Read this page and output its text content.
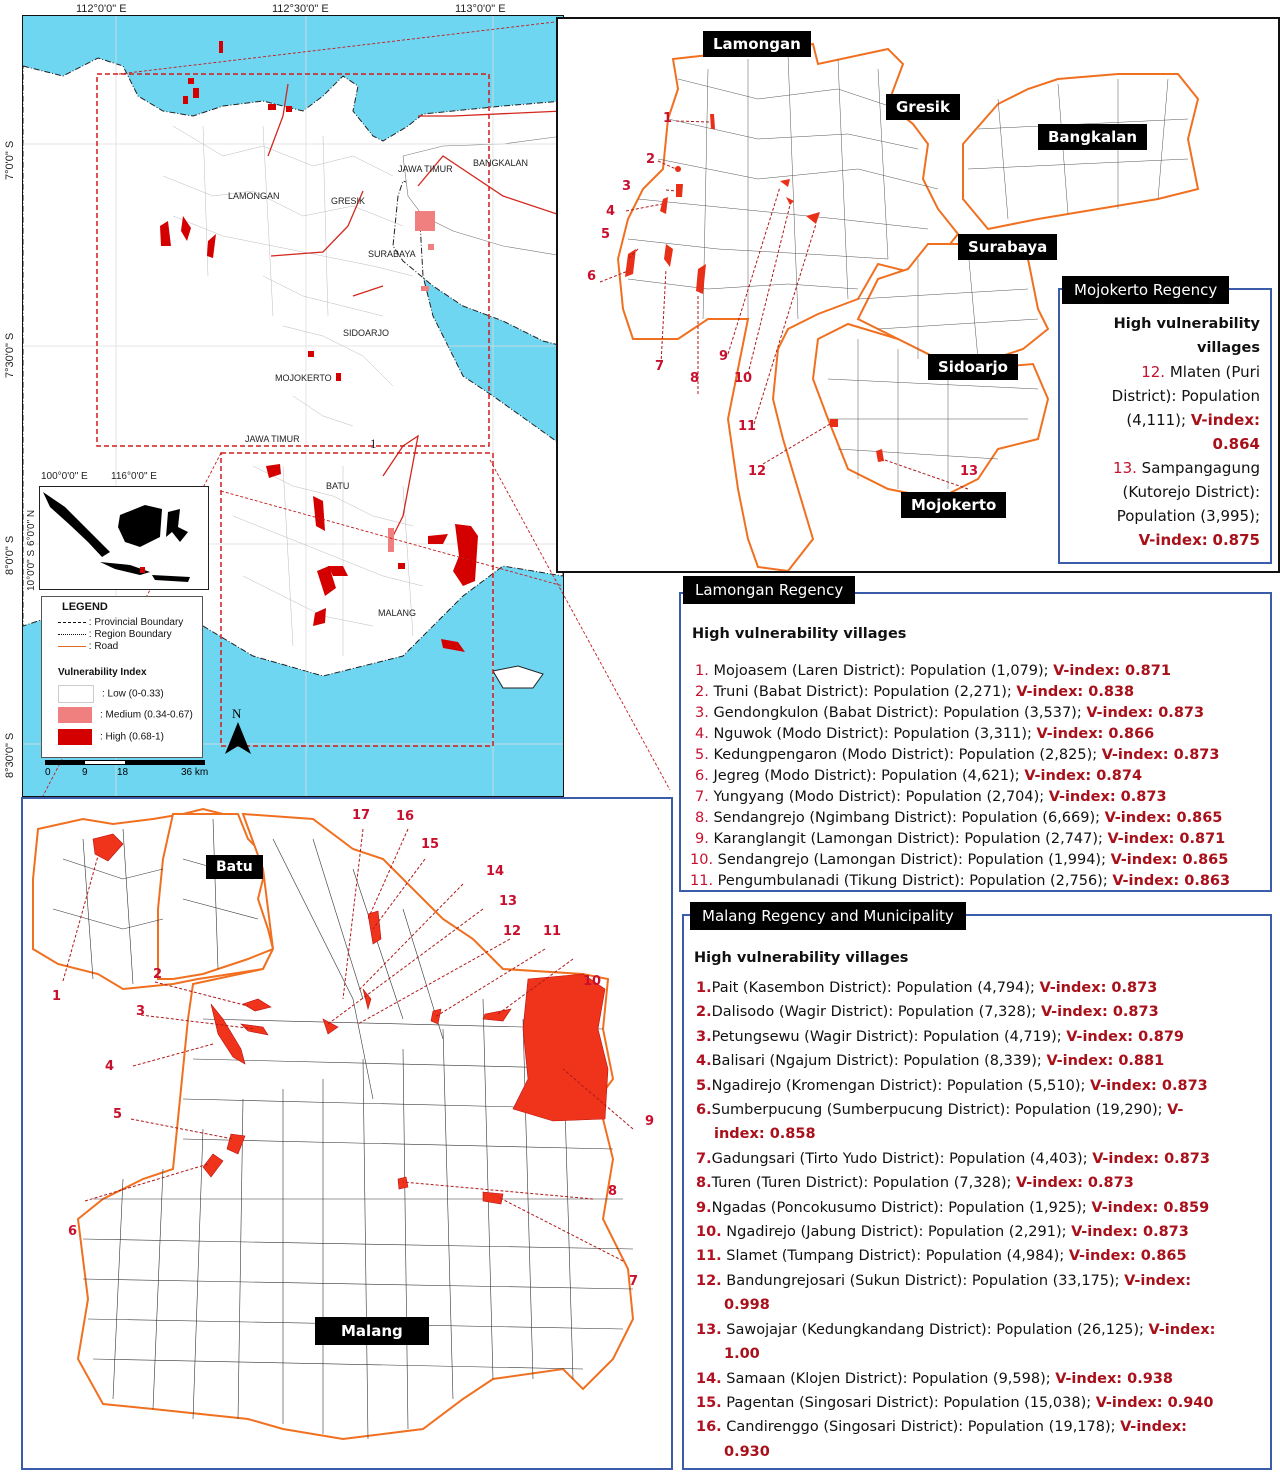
112°0'0" E	112°30'0" E	113°0'0" E
7°0'0" S
7°30'0" S
8°0'0" S
8°30'0" S
LAMONGAN	GRESIK
JAWA TIMUR
BANGKALAN
SURABAYA
SIDOARJO
MOJOKERTO
JAWA TIMUR
BATU
MALANG
1
100°0'0" E 116°0'0" E
6°0'0" N
10°0'0" S
LEGEND
: Provincial Boundary
: Region Boundary
: Road
Vulnerability Index
: Low (0-0.33)
: Medium (0.34-0.67)
: High (0.68-1)
N
0	9	18	36 km
Lamongan
Gresik
Bangkalan
Surabaya
Sidoarjo
Mojokerto
1
2
3
4
5
6
7
8
9
10
11
12	13
Mojokerto Regency
High vulnerability
villages
12. Mlaten (Puri
District): Population
(4,111); V-index:
0.864
13. Sampangagung
(Kutorejo District):
Population (3,995);
V-index: 0.875
Lamongan Regency
High vulnerability villages
1. Mojoasem (Laren District): Population (1,079); V-index: 0.871
2. Truni (Babat District): Population (2,271); V-index: 0.838
3. Gendongkulon (Babat District): Population (3,537); V-index: 0.873
4. Nguwok (Modo District): Population (3,311); V-index: 0.866
5. Kedungpengaron (Modo District): Population (2,825); V-index: 0.873
6. Jegreg (Modo District): Population (4,621); V-index: 0.874
7. Yungyang (Modo District): Population (2,704); V-index: 0.873
8. Sendangrejo (Ngimbang District): Population (6,669); V-index: 0.865
9. Karanglangit (Lamongan District): Population (2,747); V-index: 0.871
10. Sendangrejo (Lamongan District): Population (1,994); V-index: 0.865
11. Pengumbulanadi (Tikung District): Population (2,756); V-index: 0.863
Malang Regency and Municipality
High vulnerability villages
1.Pait (Kasembon District): Population (4,794); V-index: 0.873
2.Dalisodo (Wagir District): Population (7,328); V-index: 0.873
3.Petungsewu (Wagir District): Population (4,719); V-index: 0.879
4.Balisari (Ngajum District): Population (8,339); V-index: 0.881
5.Ngadirejo (Kromengan District): Population (5,510); V-index: 0.873
6.Sumberpucung (Sumberpucung District): Population (19,290); V-
index: 0.858
7.Gadungsari (Tirto Yudo District): Population (4,403); V-index: 0.873
8.Turen (Turen District): Population (7,328); V-index: 0.873
9.Ngadas (Poncokusumo District): Population (1,925); V-index: 0.859
10. Ngadirejo (Jabung District): Population (2,291); V-index: 0.873
11. Slamet (Tumpang District): Population (4,984); V-index: 0.865
12. Bandungrejosari (Sukun District): Population (33,175); V-index:
0.998
13. Sawojajar (Kedungkandang District): Population (26,125); V-index:
1.00
14. Samaan (Klojen District): Population (9,598); V-index: 0.938
15. Pagentan (Singosari District): Population (15,038); V-index: 0.940
16. Candirenggo (Singosari District): Population (19,178); V-index:
0.930
Batu
Malang
1
2
3
4
5
6
7
8
9
10
11
12
13
14
15
16
17
